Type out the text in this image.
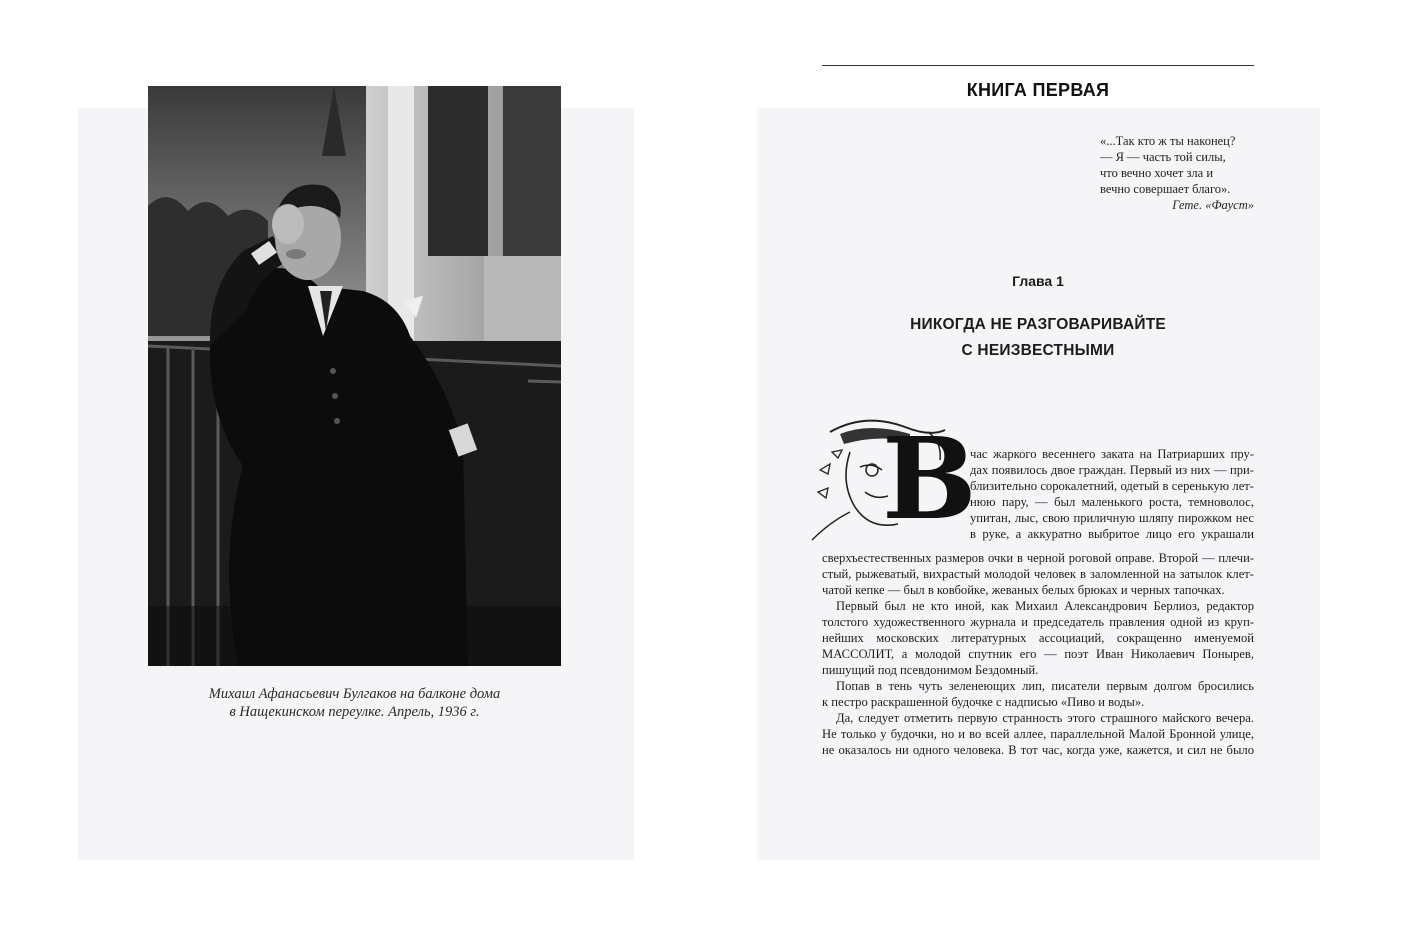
Михаил Афанасьевич Булгаков на балконе дома
в Нащекинском переулке. Апрель, 1936 г.
КНИГА ПЕРВАЯ
«...Так кто ж ты наконец?
— Я — часть той силы,
что вечно хочет зла и
вечно совершает благо».
Гете. «Фауст»
Глава 1
НИКОГДА НЕ РАЗГОВАРИВАЙТЕ
С НЕИЗВЕСТНЫМИ
В
час жаркого весеннего заката на Патриарших пру-
дах появилось двое граждан. Первый из них — при-
близительно сорокалетний, одетый в серенькую лет-
нюю пару, — был маленького роста, темноволос,
упитан, лыс, свою приличную шляпу пирожком нес
в руке, а аккуратно выбритое лицо его украшали
сверхъестественных размеров очки в черной роговой оправе. Второй — плечи-
стый, рыжеватый, вихрастый молодой человек в заломленной на затылок клет-
чатой кепке — был в ковбойке, жеваных белых брюках и черных тапочках.
Первый был не кто иной, как Михаил Александрович Берлиоз, редактор
толстого художественного журнала и председатель правления одной из круп-
нейших московских литературных ассоциаций, сокращенно именуемой
МАССОЛИТ, а молодой спутник его — поэт Иван Николаевич Понырев,
пишущий под псевдонимом Бездомный.
Попав в тень чуть зеленеющих лип, писатели первым долгом бросились
к пестро раскрашенной будочке с надписью «Пиво и воды».
Да, следует отметить первую странность этого страшного майского вечера.
Не только у будочки, но и во всей аллее, параллельной Малой Бронной улице,
не оказалось ни одного человека. В тот час, когда уже, кажется, и сил не было
